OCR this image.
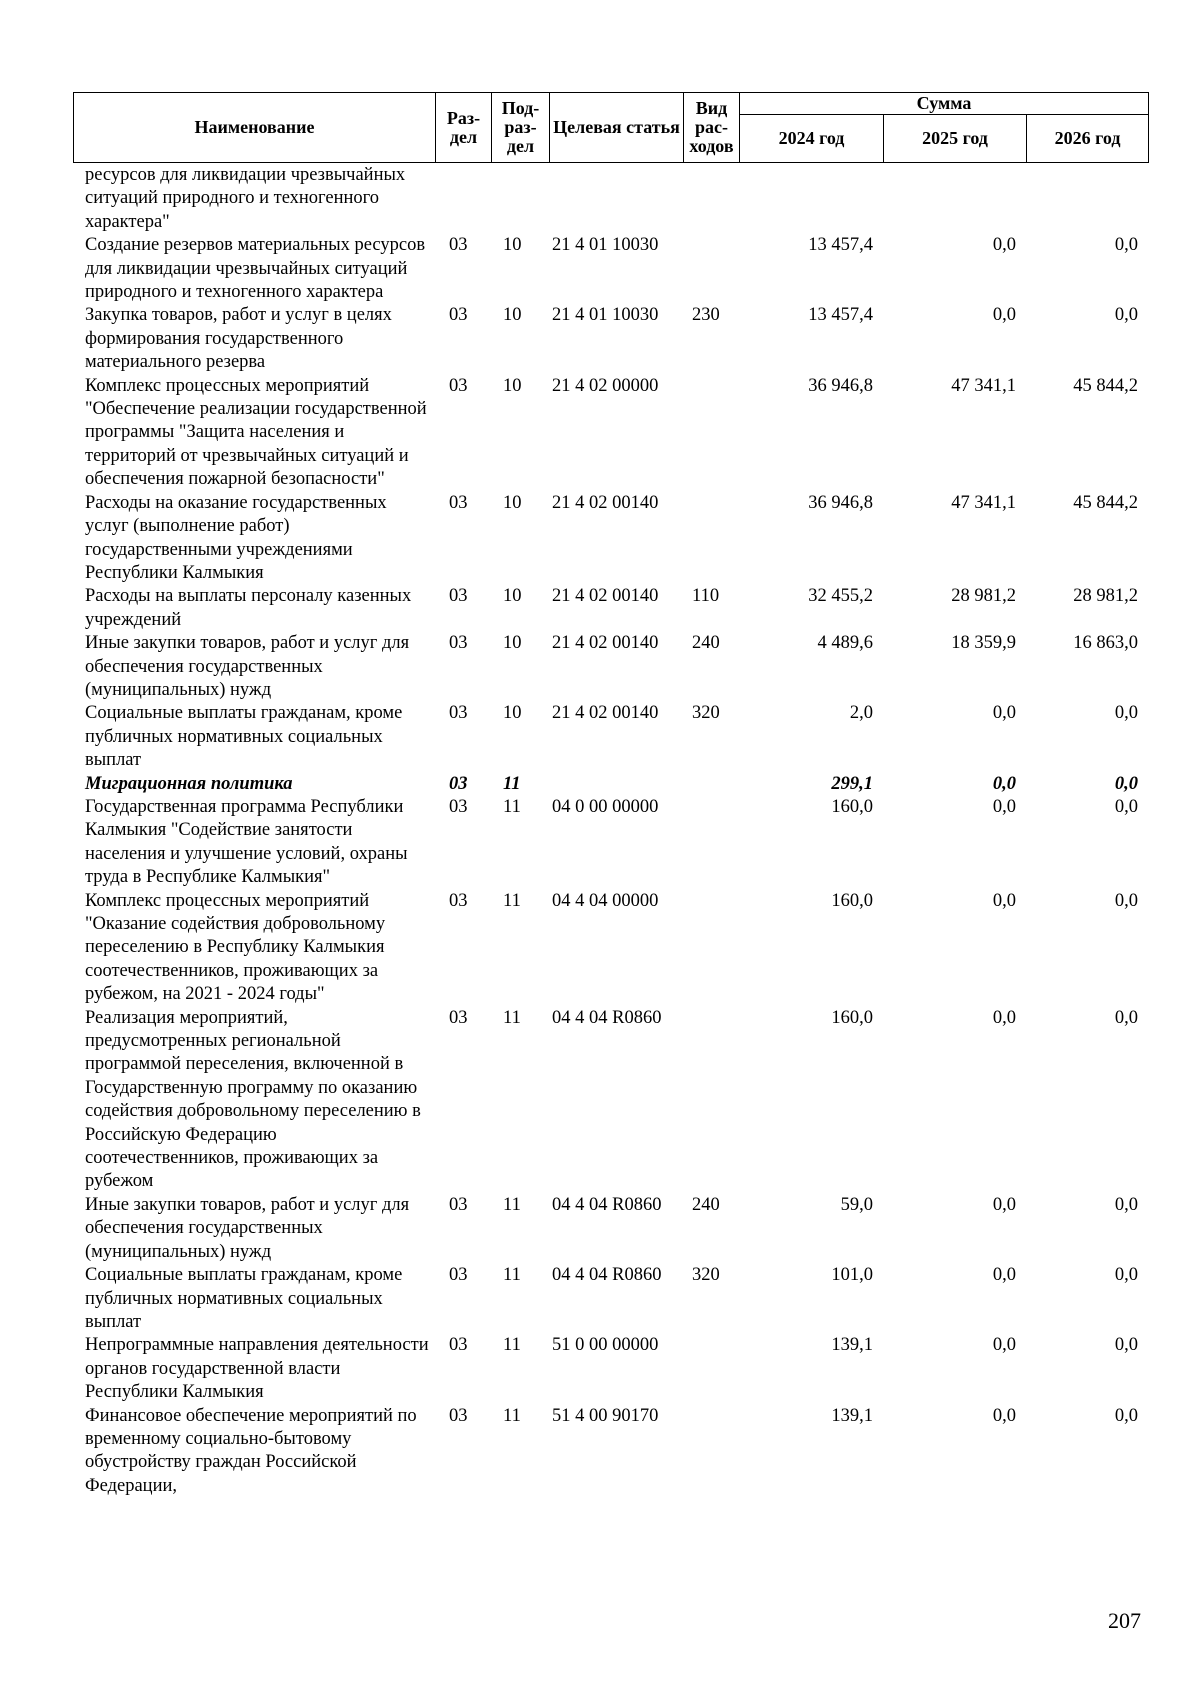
Наименование	Раз-дел	Под-раз-дел	Целевая статья	Вид рас-ходов	Сумма		
					2024 год	2025 год	2026 год
ресурсов для ликвидации чрезвычайных ситуаций природного и техногенного характера"							
Создание резервов материальных ресурсов для ликвидации чрезвычайных ситуаций природного и техногенного характера	03	10	21 4 01 10030		13 457,4	0,0	0,0
Закупка товаров, работ и услуг в целях формирования государственного материального резерва	03	10	21 4 01 10030	230	13 457,4	0,0	0,0
Комплекс процессных мероприятий "Обеспечение реализации государственной программы "Защита населения и территорий от чрезвычайных ситуаций и обеспечения пожарной безопасности"	03	10	21 4 02 00000		36 946,8	47 341,1	45 844,2
Расходы на оказание государственных услуг (выполнение работ) государственными учреждениями Республики Калмыкия	03	10	21 4 02 00140		36 946,8	47 341,1	45 844,2
Расходы на выплаты персоналу казенных учреждений	03	10	21 4 02 00140	110	32 455,2	28 981,2	28 981,2
Иные закупки товаров, работ и услуг для обеспечения государственных (муниципальных) нужд	03	10	21 4 02 00140	240	4 489,6	18 359,9	16 863,0
Социальные выплаты гражданам, кроме публичных нормативных социальных выплат	03	10	21 4 02 00140	320	2,0	0,0	0,0
Миграционная политика	03	11			299,1	0,0	0,0
Государственная программа Республики Калмыкия "Содействие занятости населения и улучшение условий, охраны труда в Республике Калмыкия"	03	11	04 0 00 00000		160,0	0,0	0,0
Комплекс процессных мероприятий "Оказание содействия добровольному переселению в Республику Калмыкия соотечественников, проживающих за рубежом, на 2021 - 2024 годы"	03	11	04 4 04 00000		160,0	0,0	0,0
Реализация мероприятий, предусмотренных региональной программой переселения, включенной в Государственную программу по оказанию содействия добровольному переселению в Российскую Федерацию соотечественников, проживающих за рубежом	03	11	04 4 04 R0860		160,0	0,0	0,0
Иные закупки товаров, работ и услуг для обеспечения государственных (муниципальных) нужд	03	11	04 4 04 R0860	240	59,0	0,0	0,0
Социальные выплаты гражданам, кроме публичных нормативных социальных выплат	03	11	04 4 04 R0860	320	101,0	0,0	0,0
Непрограммные направления деятельности органов государственной власти Республики Калмыкия	03	11	51 0 00 00000		139,1	0,0	0,0
Финансовое обеспечение мероприятий по временному социально-бытовому обустройству граждан Российской Федерации,	03	11	51 4 00 90170		139,1	0,0	0,0
207
